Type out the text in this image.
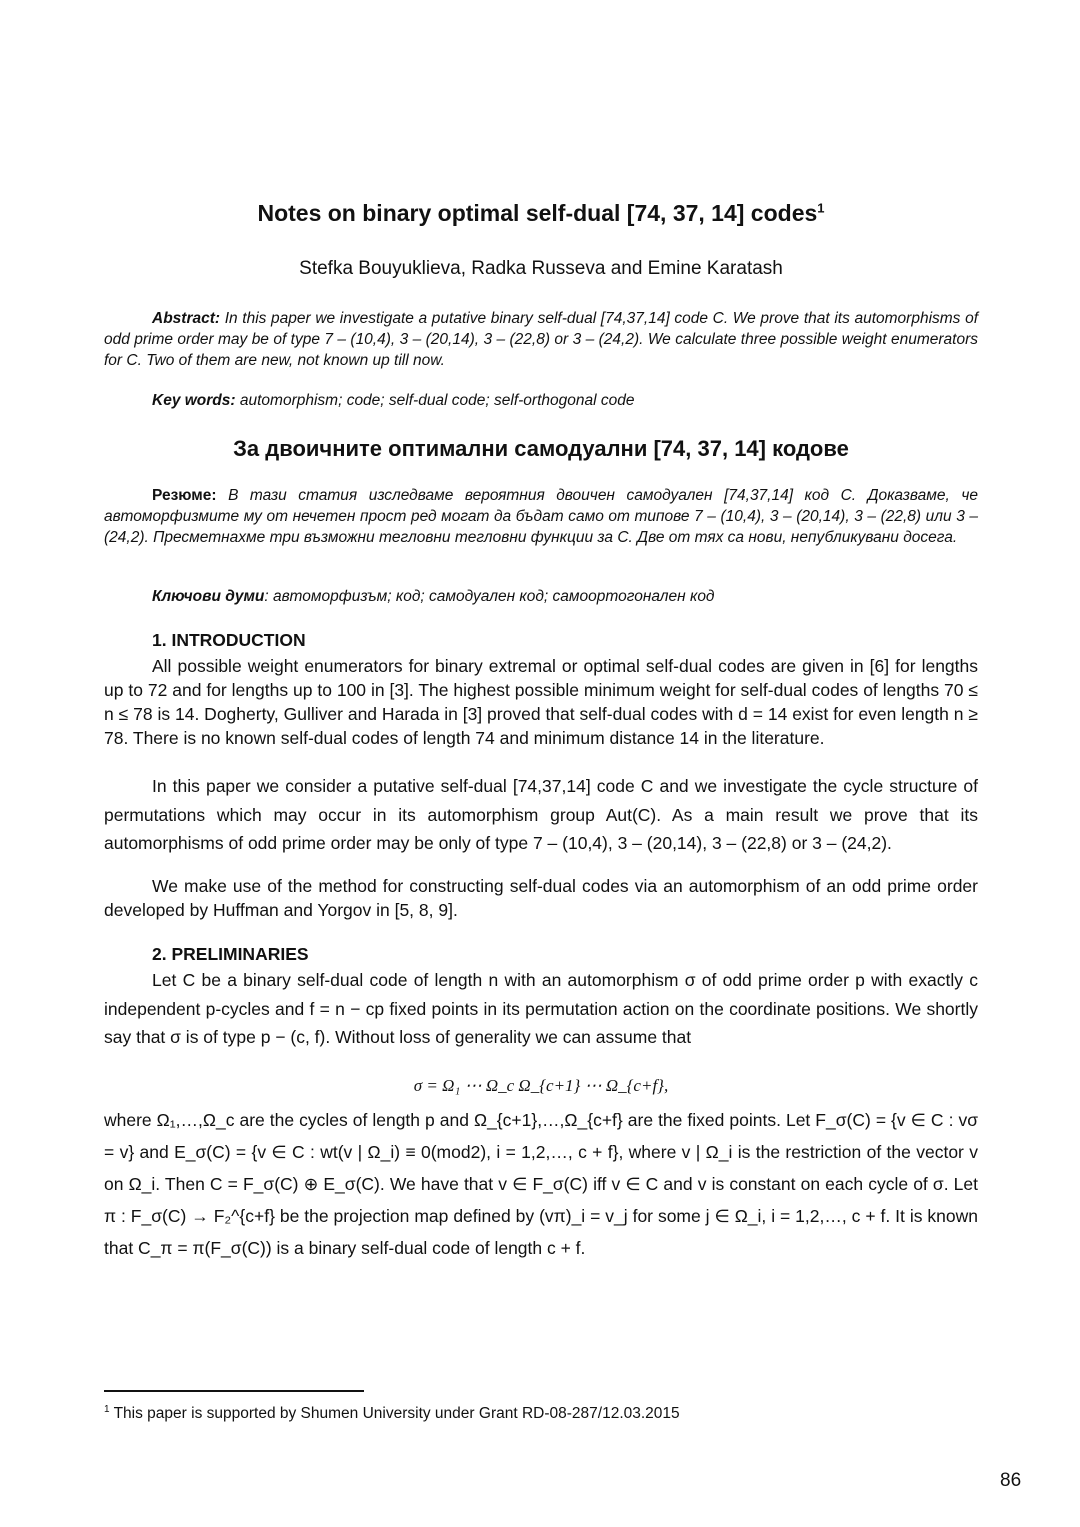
Notes on binary optimal self-dual [74, 37, 14] codes$^1$
Stefka Bouyuklieva, Radka Russeva and Emine Karatash
Abstract: In this paper we investigate a putative binary self-dual [74,37,14] code C. We prove that its automorphisms of odd prime order may be of type 7 – (10,4), 3 – (20,14), 3 – (22,8) or 3 – (24,2). We calculate three possible weight enumerators for C. Two of them are new, not known up till now.
Key words: automorphism; code; self-dual code; self-orthogonal code
За двоичните оптимални самодуални [74, 37, 14] кодове
Резюме: В тази статия изследваме вероятния двоичен самодуален [74,37,14] код C. Доказваме, че автоморфизмите му от нечетен прост ред могат да бъдат само от типове 7 – (10,4), 3 – (20,14), 3 – (22,8) или 3 – (24,2). Пресметнахме три възможни тегловни тегловни функции за C. Две от тях са нови, непубликувани досега.
Ключови думи: автоморфизъм; код; самодуален код; самоортогонален код
1. INTRODUCTION
All possible weight enumerators for binary extremal or optimal self-dual codes are given in [6] for lengths up to 72 and for lengths up to 100 in [3]. The highest possible minimum weight for self-dual codes of lengths 70 ≤ n ≤ 78 is 14. Dogherty, Gulliver and Harada in [3] proved that self-dual codes with d = 14 exist for even length n ≥ 78. There is no known self-dual codes of length 74 and minimum distance 14 in the literature.
In this paper we consider a putative self-dual [74,37,14] code C and we investigate the cycle structure of permutations which may occur in its automorphism group Aut(C). As a main result we prove that its automorphisms of odd prime order may be only of type 7 – (10,4), 3 – (20,14), 3 – (22,8) or 3 – (24,2).
We make use of the method for constructing self-dual codes via an automorphism of an odd prime order developed by Huffman and Yorgov in [5, 8, 9].
2. PRELIMINARIES
Let C be a binary self-dual code of length n with an automorphism σ of odd prime order p with exactly c independent p-cycles and f = n − cp fixed points in its permutation action on the coordinate positions. We shortly say that σ is of type p − (c, f). Without loss of generality we can assume that
σ = Ω₁ ⋯ Ω_c Ω_{c+1} ⋯ Ω_{c+f},
where Ω₁,…,Ω_c are the cycles of length p and Ω_{c+1},…,Ω_{c+f} are the fixed points. Let F_σ(C) = {v ∈ C : vσ = v} and E_σ(C) = {v ∈ C : wt(v | Ω_i) ≡ 0(mod2), i = 1,2,…, c + f}, where v | Ω_i is the restriction of the vector v on Ω_i. Then C = F_σ(C) ⊕ E_σ(C). We have that v ∈ F_σ(C) iff v ∈ C and v is constant on each cycle of σ. Let π : F_σ(C) → F₂^{c+f} be the projection map defined by (vπ)_i = v_j for some j ∈ Ω_i, i = 1,2,…, c + f. It is known that C_π = π(F_σ(C)) is a binary self-dual code of length c + f.
$^1$ This paper is supported by Shumen University under Grant RD-08-287/12.03.2015
86
